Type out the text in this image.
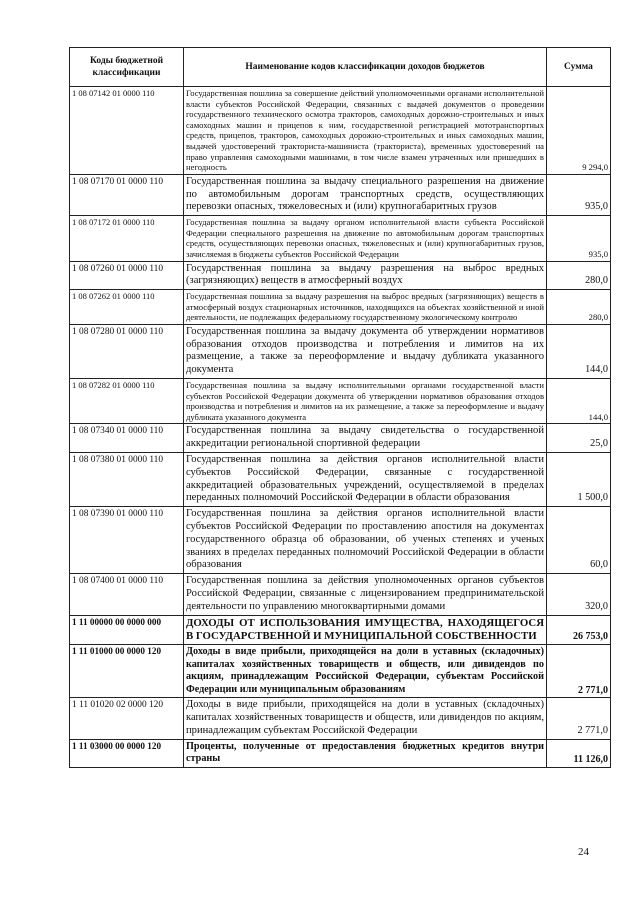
Коды бюджетной классификации	Наименование кодов классификации доходов бюджетов	Сумма
1 08 07142 01 0000 110	Государственная пошлина за совершение действий уполномоченными органами исполнительной власти субъектов Российской Федерации, связанных с выдачей документов о проведении государственного технического осмотра тракторов, самоходных дорожно-строительных и иных самоходных машин и прицепов к ним, государственной регистрацией мототранспортных средств, прицепов, тракторов, самоходных дорожно-строительных и иных самоходных машин, выдачей удостоверений тракториста-машиниста (тракториста), временных удостоверений на право управления самоходными машинами, в том числе взамен утраченных или пришедших в негодность	9 294,0
1 08 07170 01 0000 110	Государственная пошлина за выдачу специального разрешения на движение по автомобильным дорогам транспортных средств, осуществляющих перевозки опасных, тяжеловесных и (или) крупногабаритных грузов	935,0
1 08 07172 01 0000 110	Государственная пошлина за выдачу органом исполнительной власти субъекта Российской Федерации специального разрешения на движение по автомобильным дорогам транспортных средств, осуществляющих перевозки опасных, тяжеловесных и (или) крупногабаритных грузов, зачисляемая в бюджеты субъектов Российской Федерации	935,0
1 08 07260 01 0000 110	Государственная пошлина за выдачу разрешения на выброс вредных (загрязняющих) веществ в атмосферный воздух	280,0
1 08 07262 01 0000 110	Государственная пошлина за выдачу разрешения на выброс вредных (загрязняющих) веществ в атмосферный воздух стационарных источников, находящихся на объектах хозяйственной и иной деятельности, не подлежащих федеральному государственному экологическому контролю	280,0
1 08 07280 01 0000 110	Государственная пошлина за выдачу документа об утверждении нормативов образования отходов производства и потребления и лимитов на их размещение, а также за переоформление и выдачу дубликата указанного документа	144,0
1 08 07282 01 0000 110	Государственная пошлина за выдачу исполнительными органами государственной власти субъектов Российской Федерации документа об утверждении нормативов образования отходов производства и потребления и лимитов на их размещение, а также за переоформление и выдачу дубликата указанного документа	144,0
1 08 07340 01 0000 110	Государственная пошлина за выдачу свидетельства о государственной аккредитации региональной спортивной федерации	25,0
1 08 07380 01 0000 110	Государственная пошлина за действия органов исполнительной власти субъектов Российской Федерации, связанные с государственной аккредитацией образовательных учреждений, осуществляемой в пределах переданных полномочий Российской Федерации в области образования	1 500,0
1 08 07390 01 0000 110	Государственная пошлина за действия органов исполнительной власти субъектов Российской Федерации по проставлению апостиля на документах государственного образца об образовании, об ученых степенях и ученых званиях в пределах переданных полномочий Российской Федерации в области образования	60,0
1 08 07400 01 0000 110	Государственная пошлина за действия уполномоченных органов субъектов Российской Федерации, связанные с лицензированием предпринимательской деятельности по управлению многоквартирными домами	320,0
1 11 00000 00 0000 000	ДОХОДЫ ОТ ИСПОЛЬЗОВАНИЯ ИМУЩЕСТВА, НАХОДЯЩЕГОСЯ В ГОСУДАРСТВЕННОЙ И МУНИЦИПАЛЬНОЙ СОБСТВЕННОСТИ	26 753,0
1 11 01000 00 0000 120	Доходы в виде прибыли, приходящейся на доли в уставных (складочных) капиталах хозяйственных товариществ и обществ, или дивидендов по акциям, принадлежащим Российской Федерации, субъектам Российской Федерации или муниципальным образованиям	2 771,0
1 11 01020 02 0000 120	Доходы в виде прибыли, приходящейся на доли в уставных (складочных) капиталах хозяйственных товариществ и обществ, или дивидендов по акциям, принадлежащим субъектам Российской Федерации	2 771,0
1 11 03000 00 0000 120	Проценты, полученные от предоставления бюджетных кредитов внутри страны	11 126,0
24
